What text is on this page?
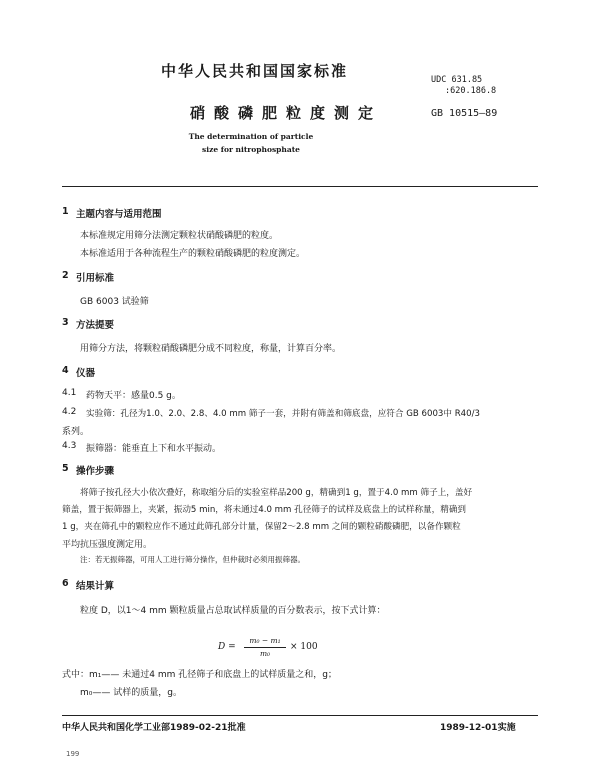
中华人民共和国国家标准	UDC 631.85
:620.186.8
硝酸磷肥粒度测定	GB 10515—89
The determination of particle
size for nitrophosphate
1 主题内容与适用范围
本标准规定用筛分法测定颗粒状硝酸磷肥的粒度。
本标准适用于各种流程生产的颗粒硝酸磷肥的粒度测定。
2 引用标准
GB 6003 试验筛
3 方法提要
用筛分方法，将颗粒硝酸磷肥分成不同粒度，称量，计算百分率。
4 仪器
4.1 药物天平：感量0.5 g。
4.2 实验筛：孔径为1.0、2.0、2.8、4.0 mm 筛子一套，并附有筛盖和筛底盘，应符合 GB 6003中 R40/3
系列。
4.3 振筛器：能垂直上下和水平振动。
5 操作步骤
将筛子按孔径大小依次叠好，称取缩分后的实验室样品200 g，精确到1 g，置于4.0 mm 筛子上，盖好
筛盖，置于振筛器上，夹紧，振动5 min，将未通过4.0 mm 孔径筛子的试样及底盘上的试样称量，精确到
1 g，夹在筛孔中的颗粒应作不通过此筛孔部分计量，保留2～2.8 mm 之间的颗粒硝酸磷肥，以备作颗粒
平均抗压强度测定用。
注：若无振筛器，可用人工进行筛分操作，但仲裁时必须用振筛器。
6 结果计算
粒度 D，以1～4 mm 颗粒质量占总取试样质量的百分数表示，按下式计算：
D =
m₀ − m₁
m₀
× 100
式中：m₁—— 未通过4 mm 孔径筛子和底盘上的试样质量之和，g；
m₀—— 试样的质量，g。
中华人民共和国化学工业部1989-02-21批准	1989-12-01实施
199
